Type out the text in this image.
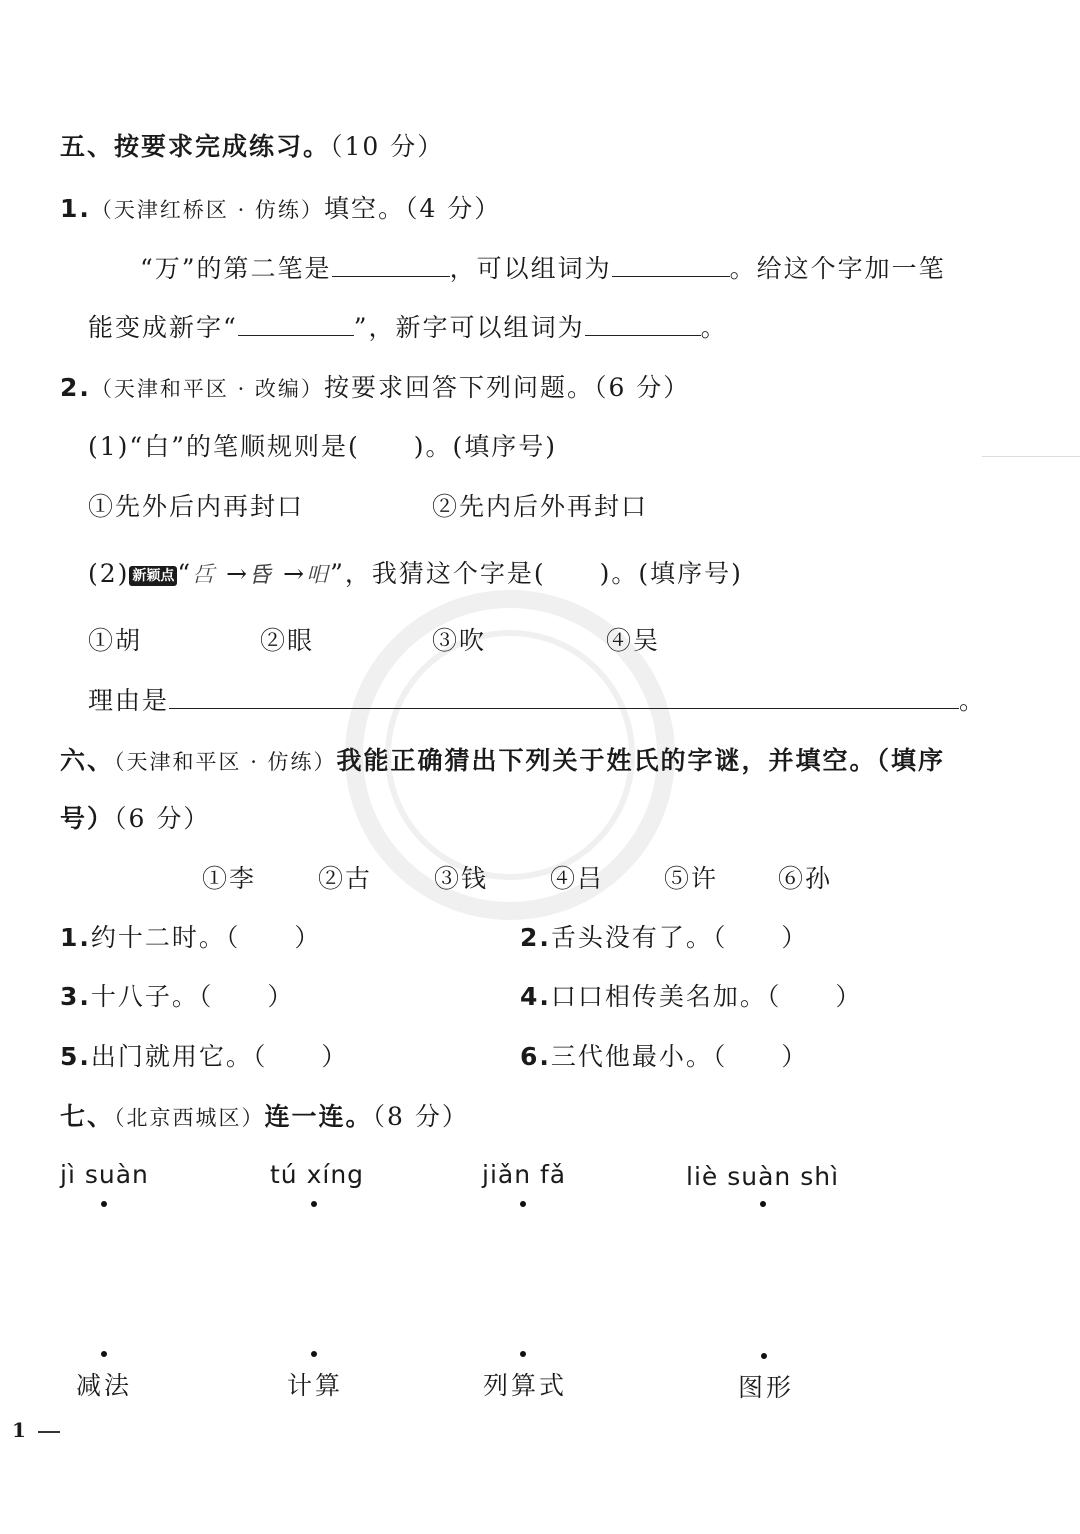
五、按要求完成练习。（10 分）
1.（天津红桥区 · 仿练）填空。（4 分）
“万”的第二笔是	，可以组词为	。给这个字加一笔
能变成新字“	”，新字可以组词为	。
2.（天津和平区 · 改编）按要求回答下列问题。（6 分）
(1)“白”的笔顺规则是(　　)。(填序号)
①先外后内再封口	②先内后外再封口
(2) 新颖点 “𠯓 →𠯑 →𠯐”，我猜这个字是(　　)。(填序号)
①胡	②眼	③吹	④吴
理由是	。
六、（天津和平区 · 仿练）我能正确猜出下列关于姓氏的字谜，并填空。（填序
号）（6 分）
①李 ②古 ③钱 ④吕 ⑤许 ⑥孙
1.约十二时。（　　）	2.舌头没有了。（　　）
3.十八子。（　　）	4.口口相传美名加。（　　）
5.出门就用它。（　　）	6.三代他最小。（　　）
七、（北京西城区）连一连。（8 分）
jì suàn	tú xíng	jiǎn fǎ	liè suàn shì
减法	计算	列算式	图形
1
